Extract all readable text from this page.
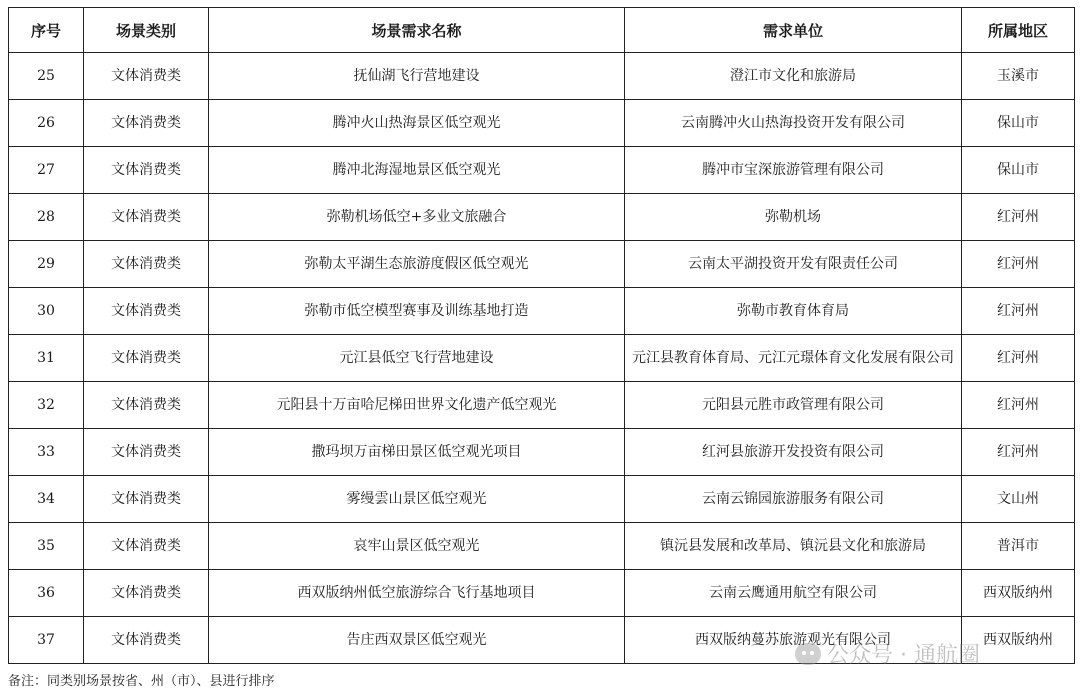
序号	场景类别	场景需求名称	需求单位	所属地区
25	文体消费类	抚仙湖飞行营地建设	澄江市文化和旅游局	玉溪市
26	文体消费类	腾冲火山热海景区低空观光	云南腾冲火山热海投资开发有限公司	保山市
27	文体消费类	腾冲北海湿地景区低空观光	腾冲市宝深旅游管理有限公司	保山市
28	文体消费类	弥勒机场低空+多业文旅融合	弥勒机场	红河州
29	文体消费类	弥勒太平湖生态旅游度假区低空观光	云南太平湖投资开发有限责任公司	红河州
30	文体消费类	弥勒市低空模型赛事及训练基地打造	弥勒市教育体育局	红河州
31	文体消费类	元江县低空飞行营地建设	元江县教育体育局、元江元璟体育文化发展有限公司	红河州
32	文体消费类	元阳县十万亩哈尼梯田世界文化遗产低空观光	元阳县元胜市政管理有限公司	红河州
33	文体消费类	撒玛坝万亩梯田景区低空观光项目	红河县旅游开发投资有限公司	红河州
34	文体消费类	雾缦雲山景区低空观光	云南云锦园旅游服务有限公司	文山州
35	文体消费类	哀牢山景区低空观光	镇沅县发展和改革局、镇沅县文化和旅游局	普洱市
36	文体消费类	西双版纳州低空旅游综合飞行基地项目	云南云鹰通用航空有限公司	西双版纳州
37	文体消费类	告庄西双景区低空观光	西双版纳蔓苏旅游观光有限公司	西双版纳州
备注：同类别场景按省、州（市）、县进行排序
公众号 · 通航圈
